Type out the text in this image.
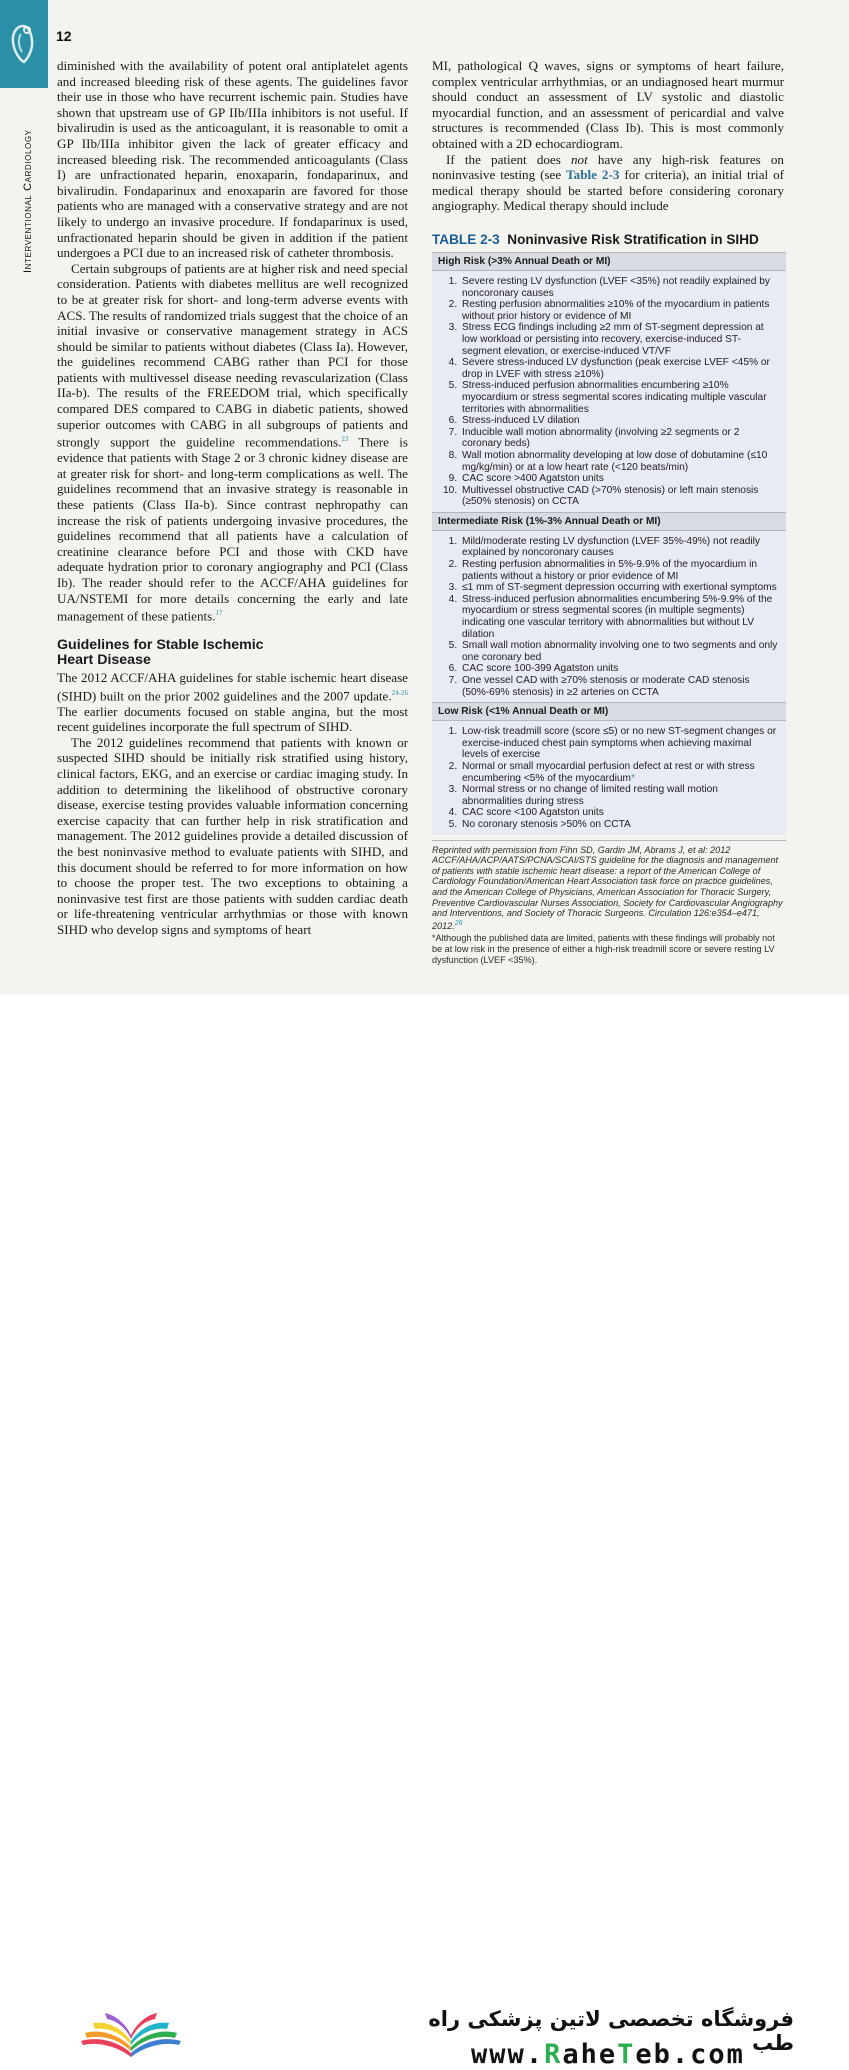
12
Interventional Cardiology

diminished with the availability of potent oral antiplatelet agents and increased bleeding risk of these agents. The guidelines favor their use in those who have recurrent ischemic pain. Studies have shown that upstream use of GP IIb/IIIa inhibitors is not useful. If bivalirudin is used as the anticoagulant, it is reasonable to omit a GP IIb/IIIa inhibitor given the lack of greater efficacy and increased bleeding risk. The recommended anticoagulants (Class I) are unfractionated heparin, enoxaparin, fondaparinux, and bivalirudin. Fondaparinux and enoxaparin are favored for those patients who are managed with a conservative strategy and are not likely to undergo an invasive procedure. If fondaparinux is used, unfractionated heparin should be given in addition if the patient undergoes a PCI due to an increased risk of catheter thrombosis.

Certain subgroups of patients are at higher risk and need special consideration. Patients with diabetes mellitus are well recognized to be at greater risk for short- and long-term adverse events with ACS. The results of randomized trials suggest that the choice of an initial invasive or conservative management strategy in ACS should be similar to patients without diabetes (Class Ia). However, the guidelines recommend CABG rather than PCI for those patients with multivessel disease needing revascularization (Class IIa-b). The results of the FREEDOM trial, which specifically compared DES compared to CABG in diabetic patients, showed superior outcomes with CABG in all subgroups of patients and strongly support the guideline recommendations.$^{23}$ There is evidence that patients with Stage 2 or 3 chronic kidney disease are at greater risk for short- and long-term complications as well. The guidelines recommend that an invasive strategy is reasonable in these patients (Class IIa-b). Since contrast nephropathy can increase the risk of patients undergoing invasive procedures, the guidelines recommend that all patients have a calculation of creatinine clearance before PCI and those with CKD have adequate hydration prior to coronary angiography and PCI (Class Ib). The reader should refer to the ACCF/AHA guidelines for UA/NSTEMI for more details concerning the early and late management of these patients.$^{17}$

Guidelines for Stable Ischemic
Heart Disease

The 2012 ACCF/AHA guidelines for stable ischemic heart disease (SIHD) built on the prior 2002 guidelines and the 2007 update.$^{24-26}$ The earlier documents focused on stable angina, but the most recent guidelines incorporate the full spectrum of SIHD.

The 2012 guidelines recommend that patients with known or suspected SIHD should be initially risk stratified using history, clinical factors, EKG, and an exercise or cardiac imaging study. In addition to determining the likelihood of obstructive coronary disease, exercise testing provides valuable information concerning exercise capacity that can further help in risk stratification and management. The 2012 guidelines provide a detailed discussion of the best noninvasive method to evaluate patients with SIHD, and this document should be referred to for more information on how to choose the proper test. The two exceptions to obtaining a noninvasive test first are those patients with sudden cardiac death or life-threatening ventricular arrhythmias or those with known SIHD who develop signs and symptoms of heart

MI, pathological Q waves, signs or symptoms of heart failure, complex ventricular arrhythmias, or an undiagnosed heart murmur should conduct an assessment of LV systolic and diastolic myocardial function, and an assessment of pericardial and valve structures is recommended (Class Ib). This is most commonly obtained with a 2D echocardiogram.

If the patient does not have any high-risk features on noninvasive testing (see Table 2-3 for criteria), an initial trial of medical therapy should be started before considering coronary angiography. Medical therapy should include

TABLE 2-3 Noninvasive Risk Stratification in SIHD
High Risk (>3% Annual Death or MI)
1. Severe resting LV dysfunction (LVEF <35%) not readily explained by noncoronary causes
2. Resting perfusion abnormalities ≥10% of the myocardium in patients without prior history or evidence of MI
3. Stress ECG findings including ≥2 mm of ST-segment depression at low workload or persisting into recovery, exercise-induced ST-segment elevation, or exercise-induced VT/VF
4. Severe stress-induced LV dysfunction (peak exercise LVEF <45% or drop in LVEF with stress ≥10%)
5. Stress-induced perfusion abnormalities encumbering ≥10% myocardium or stress segmental scores indicating multiple vascular territories with abnormalities
6. Stress-induced LV dilation
7. Inducible wall motion abnormality (involving ≥2 segments or 2 coronary beds)
8. Wall motion abnormality developing at low dose of dobutamine (≤10 mg/kg/min) or at a low heart rate (<120 beats/min)
9. CAC score >400 Agatston units
10. Multivessel obstructive CAD (>70% stenosis) or left main stenosis (≥50% stenosis) on CCTA
Intermediate Risk (1%-3% Annual Death or MI)
1. Mild/moderate resting LV dysfunction (LVEF 35%-49%) not readily explained by noncoronary causes
2. Resting perfusion abnormalities in 5%-9.9% of the myocardium in patients without a history or prior evidence of MI
3. ≤1 mm of ST-segment depression occurring with exertional symptoms
4. Stress-induced perfusion abnormalities encumbering 5%-9.9% of the myocardium or stress segmental scores (in multiple segments) indicating one vascular territory with abnormalities but without LV dilation
5. Small wall motion abnormality involving one to two segments and only one coronary bed
6. CAC score 100-399 Agatston units
7. One vessel CAD with ≥70% stenosis or moderate CAD stenosis (50%-69% stenosis) in ≥2 arteries on CCTA
Low Risk (<1% Annual Death or MI)
1. Low-risk treadmill score (score ≤5) or no new ST-segment changes or exercise-induced chest pain symptoms when achieving maximal levels of exercise
2. Normal or small myocardial perfusion defect at rest or with stress encumbering <5% of the myocardium*
3. Normal stress or no change of limited resting wall motion abnormalities during stress
4. CAC score <100 Agatston units
5. No coronary stenosis >50% on CCTA
Reprinted with permission from Fihn SD, Gardin JM, Abrams J, et al: 2012 ACCF/AHA/ACP/AATS/PCNA/SCAI/STS guideline for the diagnosis and management of patients with stable ischemic heart disease: a report of the American College of Cardiology Foundation/American Heart Association task force on practice guidelines, and the American College of Physicians, American Association for Thoracic Surgery, Preventive Cardiovascular Nurses Association, Society for Cardiovascular Angiography and Interventions, and Society of Thoracic Surgeons. Circulation 126:e354–e471, 2012.26
*Although the published data are limited, patients with these findings will probably not be at low risk in the presence of either a high-risk treadmill score or severe resting LV dysfunction (LVEF <35%).
فروشگاه تخصصی لاتین پزشکی راه طب
www.RaheTeb.com
